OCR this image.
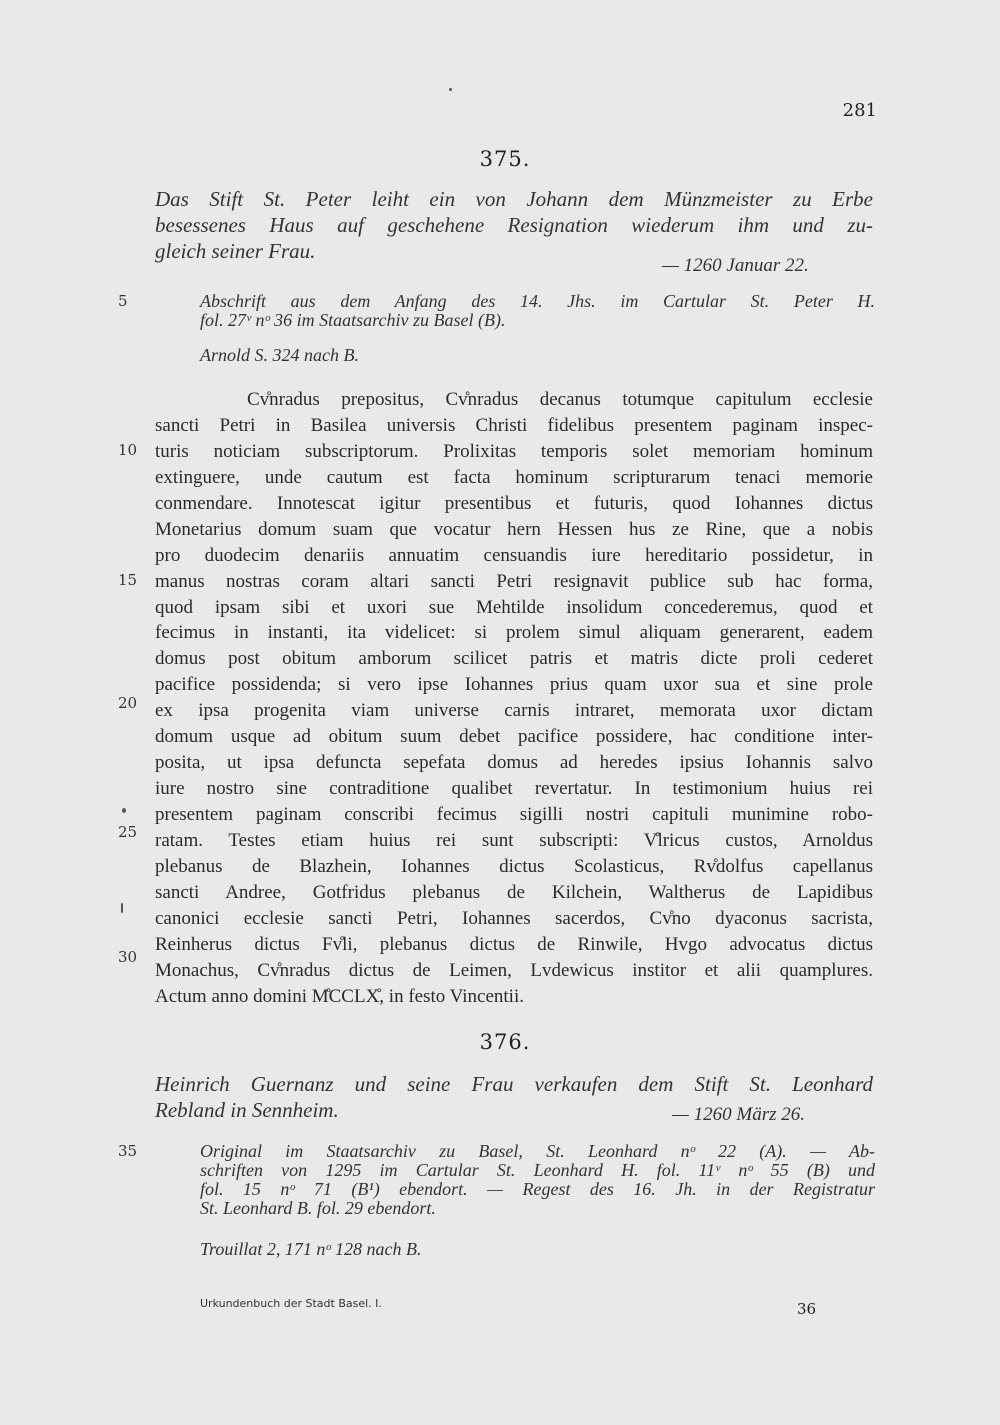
281
375.
Das Stift St. Peter leiht ein von Johann dem Münzmeister zu Erbe
besessenes Haus auf geschehene Resignation wiederum ihm und zu-
gleich seiner Frau.
— 1260 Januar 22.
5	Abschrift aus dem Anfang des 14. Jhs. im Cartular St. Peter H.
fol. 27ᵛ nᵒ 36 im Staatsarchiv zu Basel (B).
Arnold S. 324 nach B.
Cv̊nradus prepositus, Cv̊nradus decanus totumque capitulum ecclesie
sancti Petri in Basilea universis Christi fidelibus presentem paginam inspec-
turis noticiam subscriptorum. Prolixitas temporis solet memoriam hominum
extinguere, unde cautum est facta hominum scripturarum tenaci memorie
conmendare. Innotescat igitur presentibus et futuris, quod Iohannes dictus
Monetarius domum suam que vocatur hern Hessen hus ze Rine, que a nobis
pro duodecim denariis annuatim censuandis iure hereditario possidetur, in
manus nostras coram altari sancti Petri resignavit publice sub hac forma,
quod ipsam sibi et uxori sue Mehtilde insolidum concederemus, quod et
fecimus in instanti, ita videlicet: si prolem simul aliquam generarent, eadem
domus post obitum amborum scilicet patris et matris dicte proli cederet
pacifice possidenda; si vero ipse Iohannes prius quam uxor sua et sine prole
ex ipsa progenita viam universe carnis intraret, memorata uxor dictam
domum usque ad obitum suum debet pacifice possidere, hac conditione inter-
posita, ut ipsa defuncta sepefata domus ad heredes ipsius Iohannis salvo
iure nostro sine contraditione qualibet revertatur. In testimonium huius rei
presentem paginam conscribi fecimus sigilli nostri capituli munimine robo-
ratam. Testes etiam huius rei sunt subscripti: V̊lricus custos, Arnoldus
plebanus de Blazhein, Iohannes dictus Scolasticus, Rv̊dolfus capellanus
sancti Andree, Gotfridus plebanus de Kilchein, Waltherus de Lapidibus
canonici ecclesie sancti Petri, Iohannes sacerdos, Cv̊no dyaconus sacrista,
Reinherus dictus Fv̊li, plebanus dictus de Rinwile, Hvgo advocatus dictus
Monachus, Cv̊nradus dictus de Leimen, Lvdewicus institor et alii quamplures.
Actum anno domini M̊CCLX̊, in festo Vincentii.
10
15
20
25
30
376.
Heinrich Guernanz und seine Frau verkaufen dem Stift St. Leonhard
Rebland in Sennheim.	— 1260 März 26.
35	Original im Staatsarchiv zu Basel, St. Leonhard nᵒ 22 (A). — Ab-
schriften von 1295 im Cartular St. Leonhard H. fol. 11ᵛ nᵒ 55 (B) und
fol. 15 nᵒ 71 (B¹) ebendort. — Regest des 16. Jh. in der Registratur
St. Leonhard B. fol. 29 ebendort.
Trouillat 2, 171 nᵒ 128 nach B.
Urkundenbuch der Stadt Basel. I.	36
